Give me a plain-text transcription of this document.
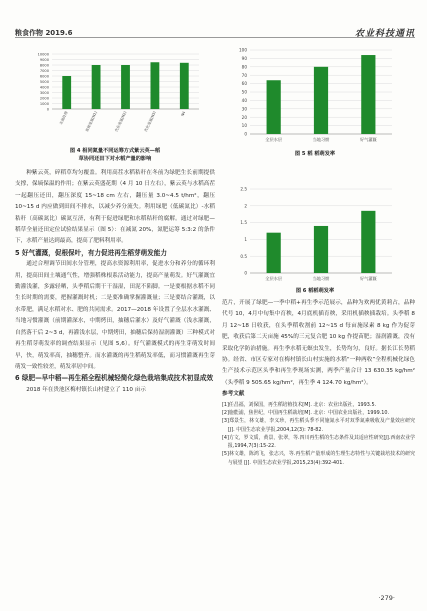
粮食作物 2019.6	农业科技通讯
0
1000
2000
3000
4000
5000
6000
7000
8000
9000
10000
无氮处理	常规施氮(N1)	优化施氮(N2)	优化施氮(N3)	N4
图 4 相同氮量不同运筹方式紫云英—稻
草协同还田下对水稻产量的影响
0
10
20
30
40
50
60
70
80
90
100
全层水层	当地习惯	好气灌溉
图 5 稻 稻萌发率
0
0.5
1
1.5
2
2.5
全层水层	当地习惯	好气灌溉
图 6 稻稻萌发率

种紫云英，碎稻草均匀覆盖。利用高茬水稻秸秆在冬前为绿肥生长前期提供支撑，保墒保温的作用；在紫云英盛花期（4 月 10 日左右），紫云英与水稻高茬一起翻压还田，翻压深度 15~18 cm 左右，翻压量 3.0~4.5 t/hm²，翻压 10~15 d 内应做到田间不排水，以减少养分流失。利用绿肥（低碳氮比）-水稻秸秆（高碳氮比）碳氮互济，有利于促进绿肥和水稻秸秆的腐解。通过对绿肥—稻草全量还田定位试验结果显示（图 5）：在减氮 20%，氮肥运筹 5:3:2 的条件下，水稻产量达到最高，提高了肥料利用率。

5 好气灌溉，促根保叶，有力促进再生稻芽萌发能力

通过合理调节田间水分管理，提高水资源利用率，促进水分和养分的循环利用，提高田间土壤通气性，增强稻株根系活动能力，提高产量萌发。好气灌溉宜勤灌浅灌，多露轻晒，头季稻后期干干湿湿，田泥不陷脚。一是要根据水稻不同生长时期的需要，把握灌溉时机；二是要准确掌握灌溉量；三是要结合灌溉，以水带肥，满足水稻对水、肥的共同需求。2017—2018 年设置了全层水水灌溉、当地习惯灌溉（前期灌深水，中期烤田，抽穗后灌水）及好气灌溉（浅水灌溉，自然落干后 2~3 d，再灌浅水层，中期烤田，抽穗后保持湿润灌溉）三种模式对再生稻芽萌发率的调查结果显示（见图 5,6）。好气灌溉模式的再生芽萌发时间早，快，萌发率高，抽穗整齐。而水灌溉的再生稻萌发率低，而习惯灌溉再生芽萌发一致性较差，萌发率居中间。

6 绿肥—早中稻—再生稻全程机械轻简化绿色栽培集成技术初显成效

2018 年在贵池区梅村镇长山村建立了 110 亩示

范片，开展了绿肥—一季中稻+再生季示范展示，品种为欢两优黄莉占，品种代号 10，4月中旬集中育秧，4月底机插育秧，采用机插秧插栽培。头季稻 8 月 12~18 日收获，在头季稻收割前 12~15 d 每亩施尿素 8 kg 作为促芽肥，收获后第二天亩施 45%的三元复合肥 10 kg 作提苗肥；湿润灌溉，没有采取化学防治措施。再生季水稻无螟虫发生，长势均匀，良好。据长江长势稻协。经省、市区专家对在梅村镇长山村实施的水稻“一种两收”全程机械化绿色生产技术示范区头季和再生季现场实测，两季产量合计 13 630.35 kg/hm²（头季稻 9 505.65 kg/hm²，再生季 4 124.70 kg/hm²）。

参考文献

[1]任昌福，刘保国，再生稻培植技术[M]. 北京：农业出版社，1993.5.

[2]施能浦，焦世纪，中国再生稻栽培[M]. 北京：中国农业出版社，1999.10.

[3]郑景生，林文雄，李义珍，再生稻头季不同施氮水平对双季氮素吸收及产量效应研究[J]. 中国生态农业学报,2004,12(3): 78-82.

[4]方文，罗文质，黄景，张翠，等.四川再生稻的生态条件及其适应性研究[J].西南农业学报,1994,7(3):15-22.

[5]林文雄，陈鸿飞，张志兴，等.再生稻产量形成的生理生态特性与关键栽培技术的研究与展望 [J]. 中国生态农业学报,2015,23(4):392-401.

·279·
